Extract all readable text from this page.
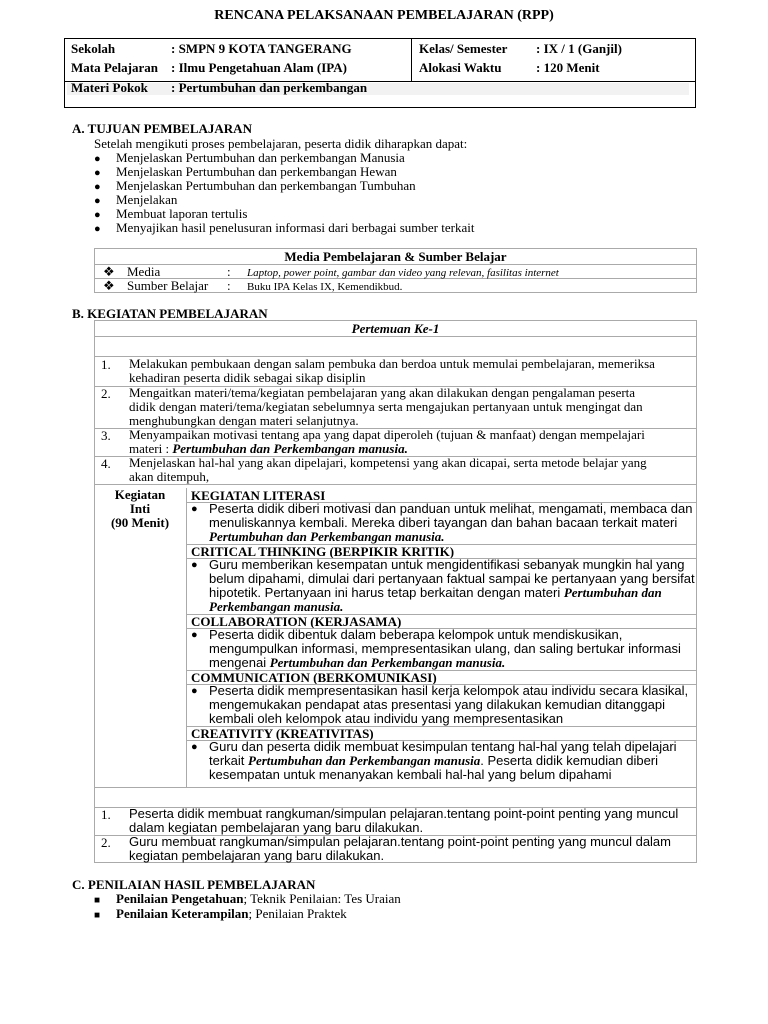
RENCANA PELAKSANAAN PEMBELAJARAN (RPP)
Sekolah	: SMPN 9 KOTA TANGERANG
Mata Pelajaran : Ilmu Pengetahuan Alam (IPA)
Kelas/ Semester : IX / 1 (Ganjil)
Alokasi Waktu	: 120 Menit
Materi Pokok : Pertumbuhan dan perkembangan
A. TUJUAN PEMBELAJARAN
Setelah mengikuti proses pembelajaran, peserta didik diharapkan dapat:
● Menjelaskan Pertumbuhan dan perkembangan Manusia
● Menjelaskan Pertumbuhan dan perkembangan Hewan
● Menjelaskan Pertumbuhan dan perkembangan Tumbuhan
● Menjelakan
● Membuat laporan tertulis
● Menyajikan hasil penelusuran informasi dari berbagai sumber terkait
Media Pembelajaran & Sumber Belajar
❖ Media	: Laptop, power point, gambar dan video yang relevan, fasilitas internet
❖ Sumber Belajar : Buku IPA Kelas IX, Kemendikbud.
B. KEGIATAN PEMBELAJARAN
Pertemuan Ke-1
1. Melakukan pembukaan dengan salam pembuka dan berdoa untuk memulai pembelajaran, memeriksa
kehadiran peserta didik sebagai sikap disiplin
2. Mengaitkan materi/tema/kegiatan pembelajaran yang akan dilakukan dengan pengalaman peserta
didik dengan materi/tema/kegiatan sebelumnya serta mengajukan pertanyaan untuk mengingat dan
menghubungkan dengan materi selanjutnya.
3. Menyampaikan motivasi tentang apa yang dapat diperoleh (tujuan & manfaat) dengan mempelajari
materi : Pertumbuhan dan Perkembangan manusia.
4. Menjelaskan hal-hal yang akan dipelajari, kompetensi yang akan dicapai, serta metode belajar yang
akan ditempuh,
Kegiatan
Inti
(90 Menit)
KEGIATAN LITERASI
● Peserta didik diberi motivasi dan panduan untuk melihat, mengamati, membaca dan
menuliskannya kembali. Mereka diberi tayangan dan bahan bacaan terkait materi
Pertumbuhan dan Perkembangan manusia.
CRITICAL THINKING (BERPIKIR KRITIK)
● Guru memberikan kesempatan untuk mengidentifikasi sebanyak mungkin hal yang
belum dipahami, dimulai dari pertanyaan faktual sampai ke pertanyaan yang bersifat
hipotetik. Pertanyaan ini harus tetap berkaitan dengan materi Pertumbuhan dan
Perkembangan manusia.
COLLABORATION (KERJASAMA)
● Peserta didik dibentuk dalam beberapa kelompok untuk mendiskusikan,
mengumpulkan informasi, mempresentasikan ulang, dan saling bertukar informasi
mengenai Pertumbuhan dan Perkembangan manusia.
COMMUNICATION (BERKOMUNIKASI)
● Peserta didik mempresentasikan hasil kerja kelompok atau individu secara klasikal,
mengemukakan pendapat atas presentasi yang dilakukan kemudian ditanggapi
kembali oleh kelompok atau individu yang mempresentasikan
CREATIVITY (KREATIVITAS)
● Guru dan peserta didik membuat kesimpulan tentang hal-hal yang telah dipelajari
terkait Pertumbuhan dan Perkembangan manusia. Peserta didik kemudian diberi
kesempatan untuk menanyakan kembali hal-hal yang belum dipahami
1. Peserta didik membuat rangkuman/simpulan pelajaran.tentang point-point penting yang muncul
dalam kegiatan pembelajaran yang baru dilakukan.
2. Guru membuat rangkuman/simpulan pelajaran.tentang point-point penting yang muncul dalam
kegiatan pembelajaran yang baru dilakukan.
C. PENILAIAN HASIL PEMBELAJARAN
■ Penilaian Pengetahuan; Teknik Penilaian: Tes Uraian
■ Penilaian Keterampilan; Penilaian Praktek
